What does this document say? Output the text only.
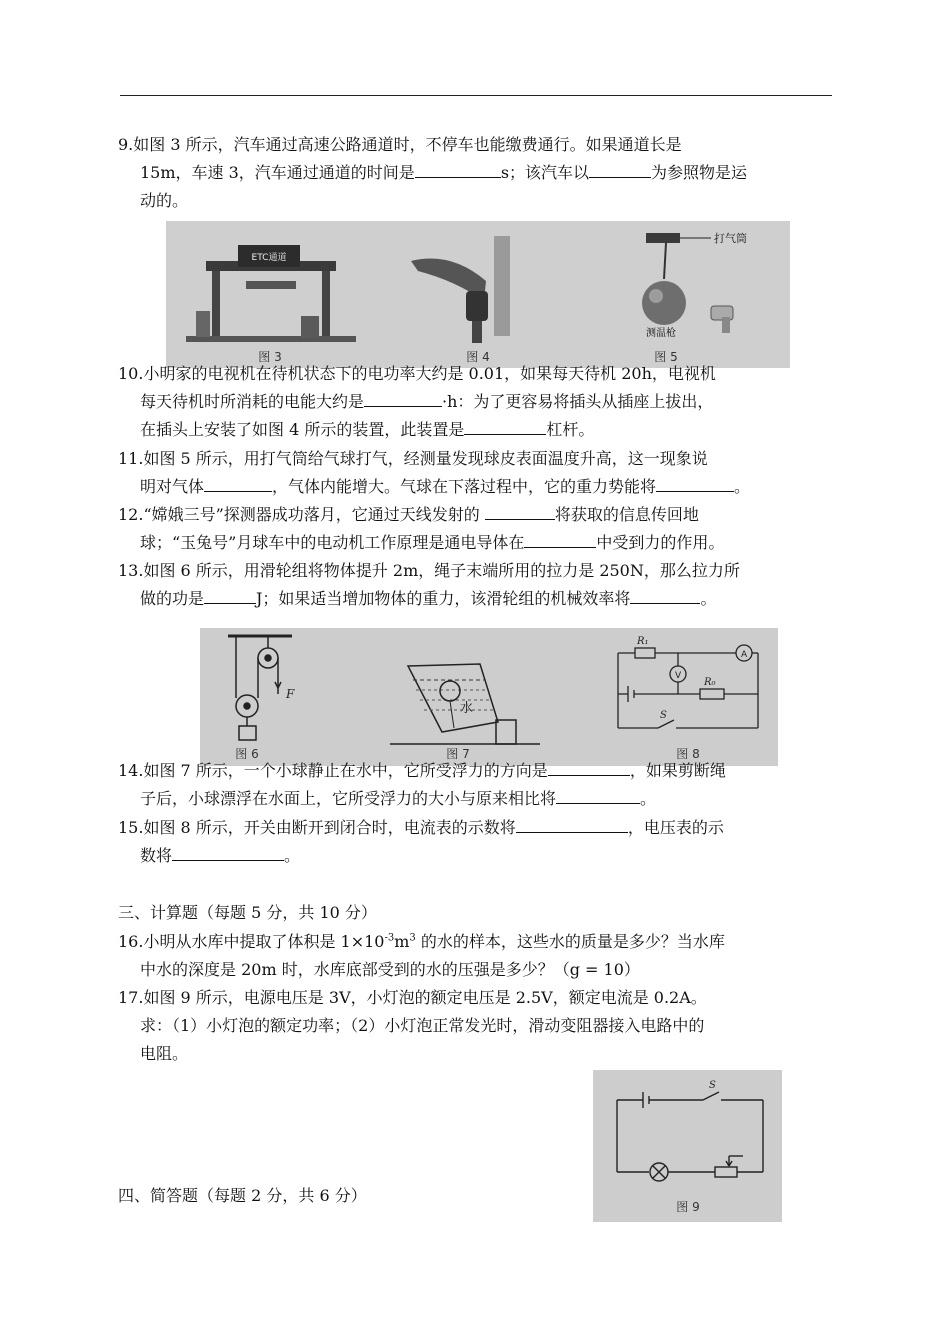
9.如图 3 所示，汽车通过高速公路通道时，不停车也能缴费通行。如果通道长是
15m，车速 3，汽车通过通道的时间是	s；该汽车以	为参照物是运
动的。
ETC通道
图 3	图 4
打气筒
测温枪
图 5
10.小明家的电视机在待机状态下的电功率大约是 0.01，如果每天待机 20h，电视机
每天待机时所消耗的电能大约是	·h：为了更容易将插头从插座上拔出，
在插头上安装了如图 4 所示的装置，此装置是	杠杆。
11.如图 5 所示，用打气筒给气球打气，经测量发现球皮表面温度升高，这一现象说
明对气体	，气体内能增大。气球在下落过程中，它的重力势能将	。
12.“嫦娥三号”探测器成功落月，它通过天线发射的	将获取的信息传回地
球；“玉兔号”月球车中的电动机工作原理是通电导体在	中受到力的作用。
13.如图 6 所示，用滑轮组将物体提升 2m，绳子末端所用的拉力是 250N，那么拉力所
做的功是	J；如果适当增加物体的重力，该滑轮组的机械效率将	。
F
图 6
水
图 7
R₁
A
V
R₀
S
图 8
14.如图 7 所示，一个小球静止在水中，它所受浮力的方向是	，如果剪断绳
子后，小球漂浮在水面上，它所受浮力的大小与原来相比将	。
15.如图 8 所示，开关由断开到闭合时，电流表的示数将	，电压表的示
数将	。
三、计算题（每题 5 分，共 10 分）
16.小明从水库中提取了体积是 $1\times 10^{-3}m^3$ 的水的样本，这些水的质量是多少？当水库
中水的深度是 20m 时，水库底部受到的水的压强是多少？（g = 10）
17.如图 9 所示，电源电压是 3V，小灯泡的额定电压是 2.5V，额定电流是 0.2A。
求：（1）小灯泡的额定功率；（2）小灯泡正常发光时，滑动变阻器接入电路中的
电阻。
S
图 9
四、简答题（每题 2 分，共 6 分）
